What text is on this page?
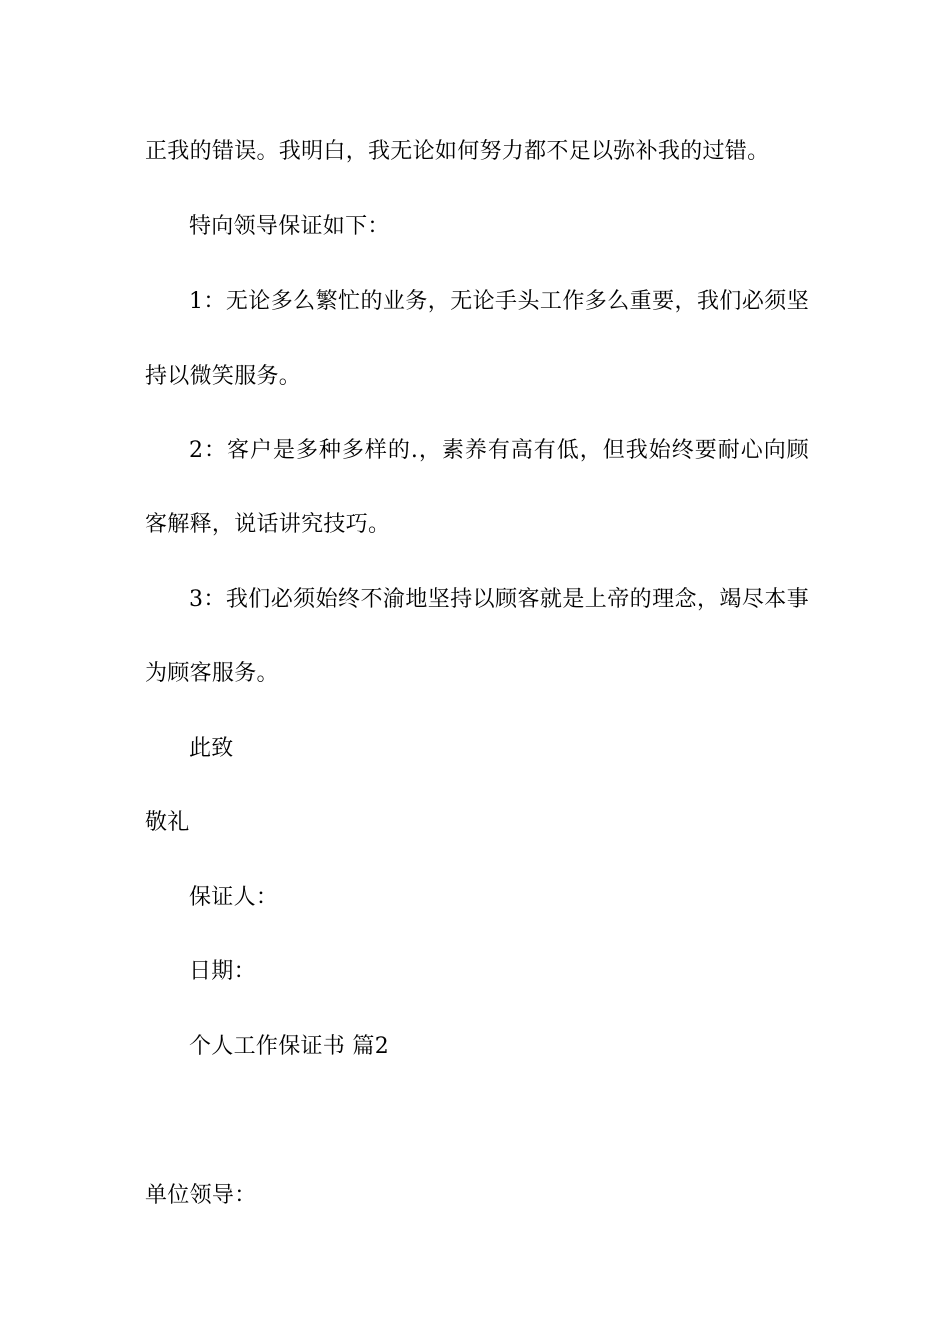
正我的错误。我明白，我无论如何努力都不足以弥补我的过错。
特向领导保证如下：
1：无论多么繁忙的业务，无论手头工作多么重要，我们必须坚
持以微笑服务。
2：客户是多种多样的.，素养有高有低，但我始终要耐心向顾
客解释，说话讲究技巧。
3：我们必须始终不渝地坚持以顾客就是上帝的理念，竭尽本事
为顾客服务。
此致
敬礼
保证人：
日期：
个人工作保证书 篇2
单位领导：
